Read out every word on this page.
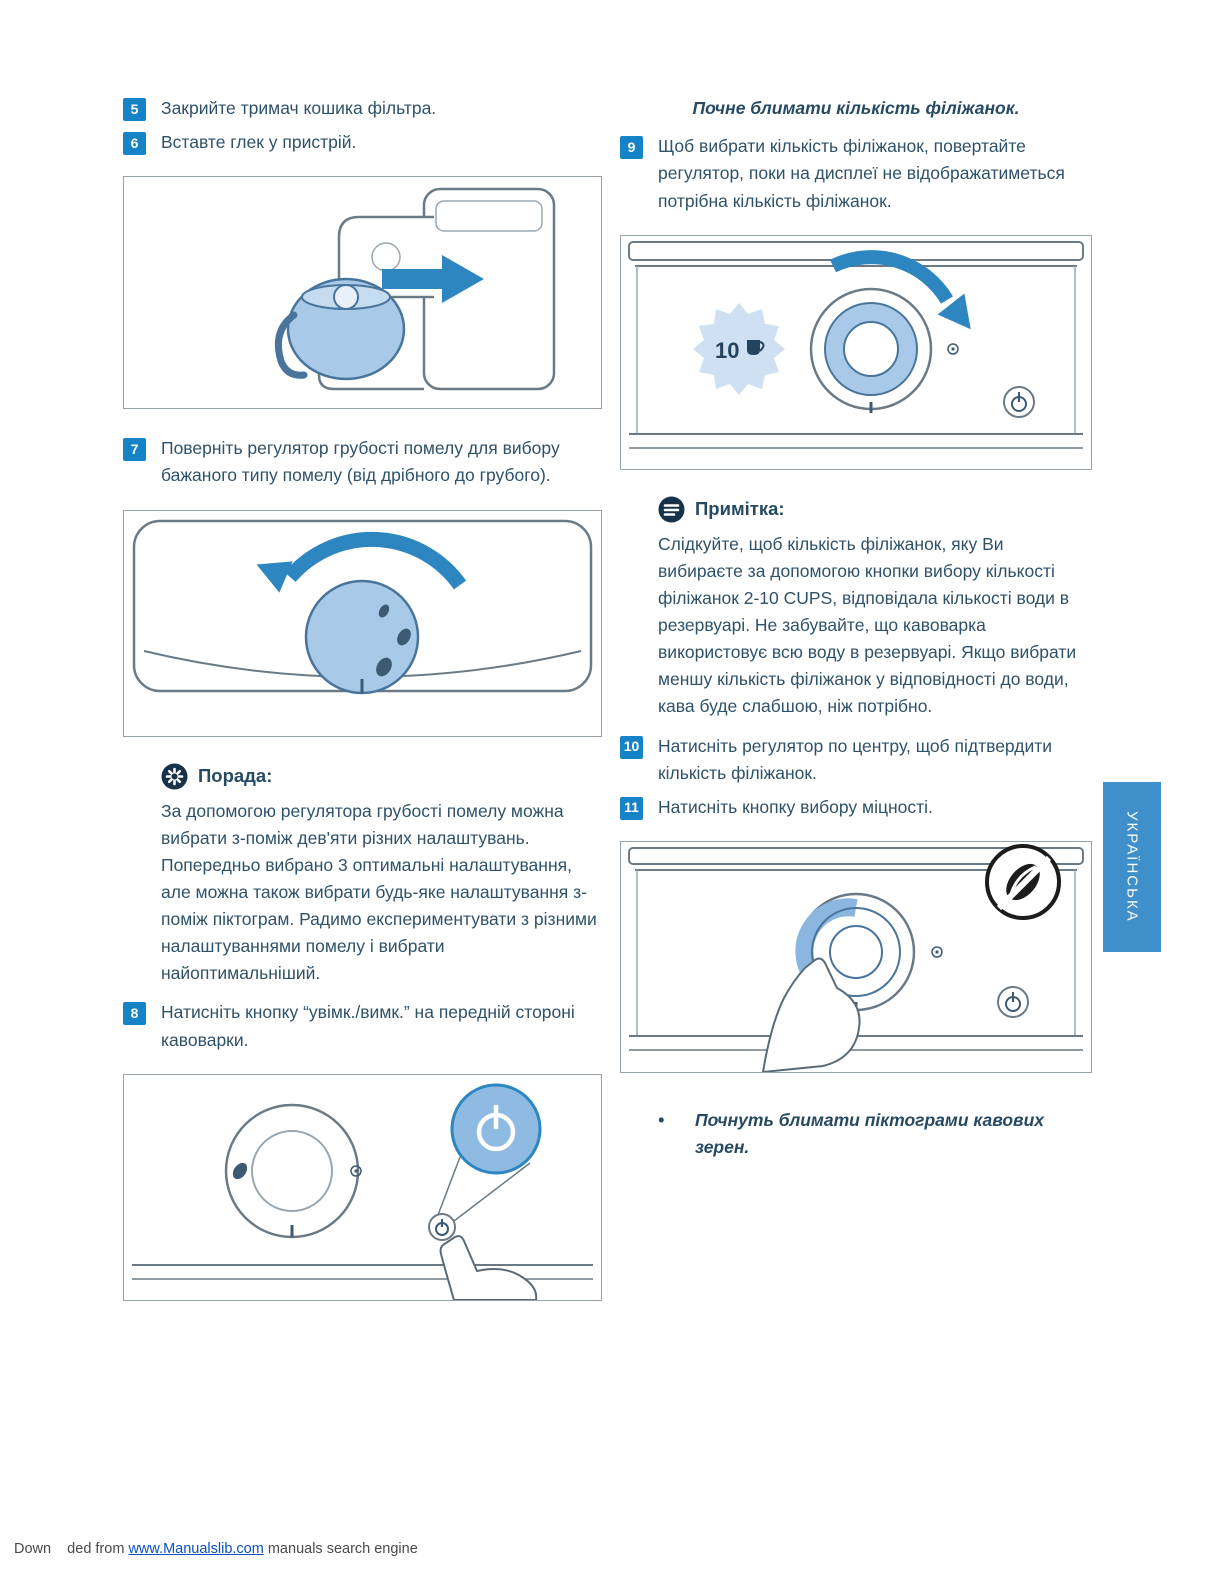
5	Закрийте тримач кошика фільтра.
6	Вставте глек у пристрій.
7	Поверніть регулятор грубості помелу для вибору бажаного типу помелу (від дрібного до грубого).
Порада:
За допомогою регулятора грубості помелу можна вибрати з-поміж дев'яти різних налаштувань. Попередньо вибрано 3 оптимальні налаштування, але можна також вибрати будь-яке налаштування з-поміж піктограм. Радимо експериментувати з різними налаштуваннями помелу і вибрати найоптимальніший.
8	Натисніть кнопку “увімк./вимк.” на передній стороні кавоварки.
Почне блимати кількість філіжанок.
9	Щоб вибрати кількість філіжанок, повертайте регулятор, поки на дисплеї не відображатиметься потрібна кількість філіжанок.
10
Примітка:
Слідкуйте, щоб кількість філіжанок, яку Ви вибираєте за допомогою кнопки вибору кількості філіжанок 2-10 CUPS, відповідала кількості води в резервуарі. Не забувайте, що кавоварка використовує всю воду в резервуарі. Якщо вибрати меншу кількість філіжанок у відповідності до води, кава буде слабшою, ніж потрібно.
10 Натисніть регулятор по центру, щоб підтвердити кількість філіжанок.
11 Натисніть кнопку вибору міцності.
•	Почнуть блимати піктограми кавових зерен.
УКРАЇНСЬКА
Down    ded from www.Manualslib.com manuals search engine
